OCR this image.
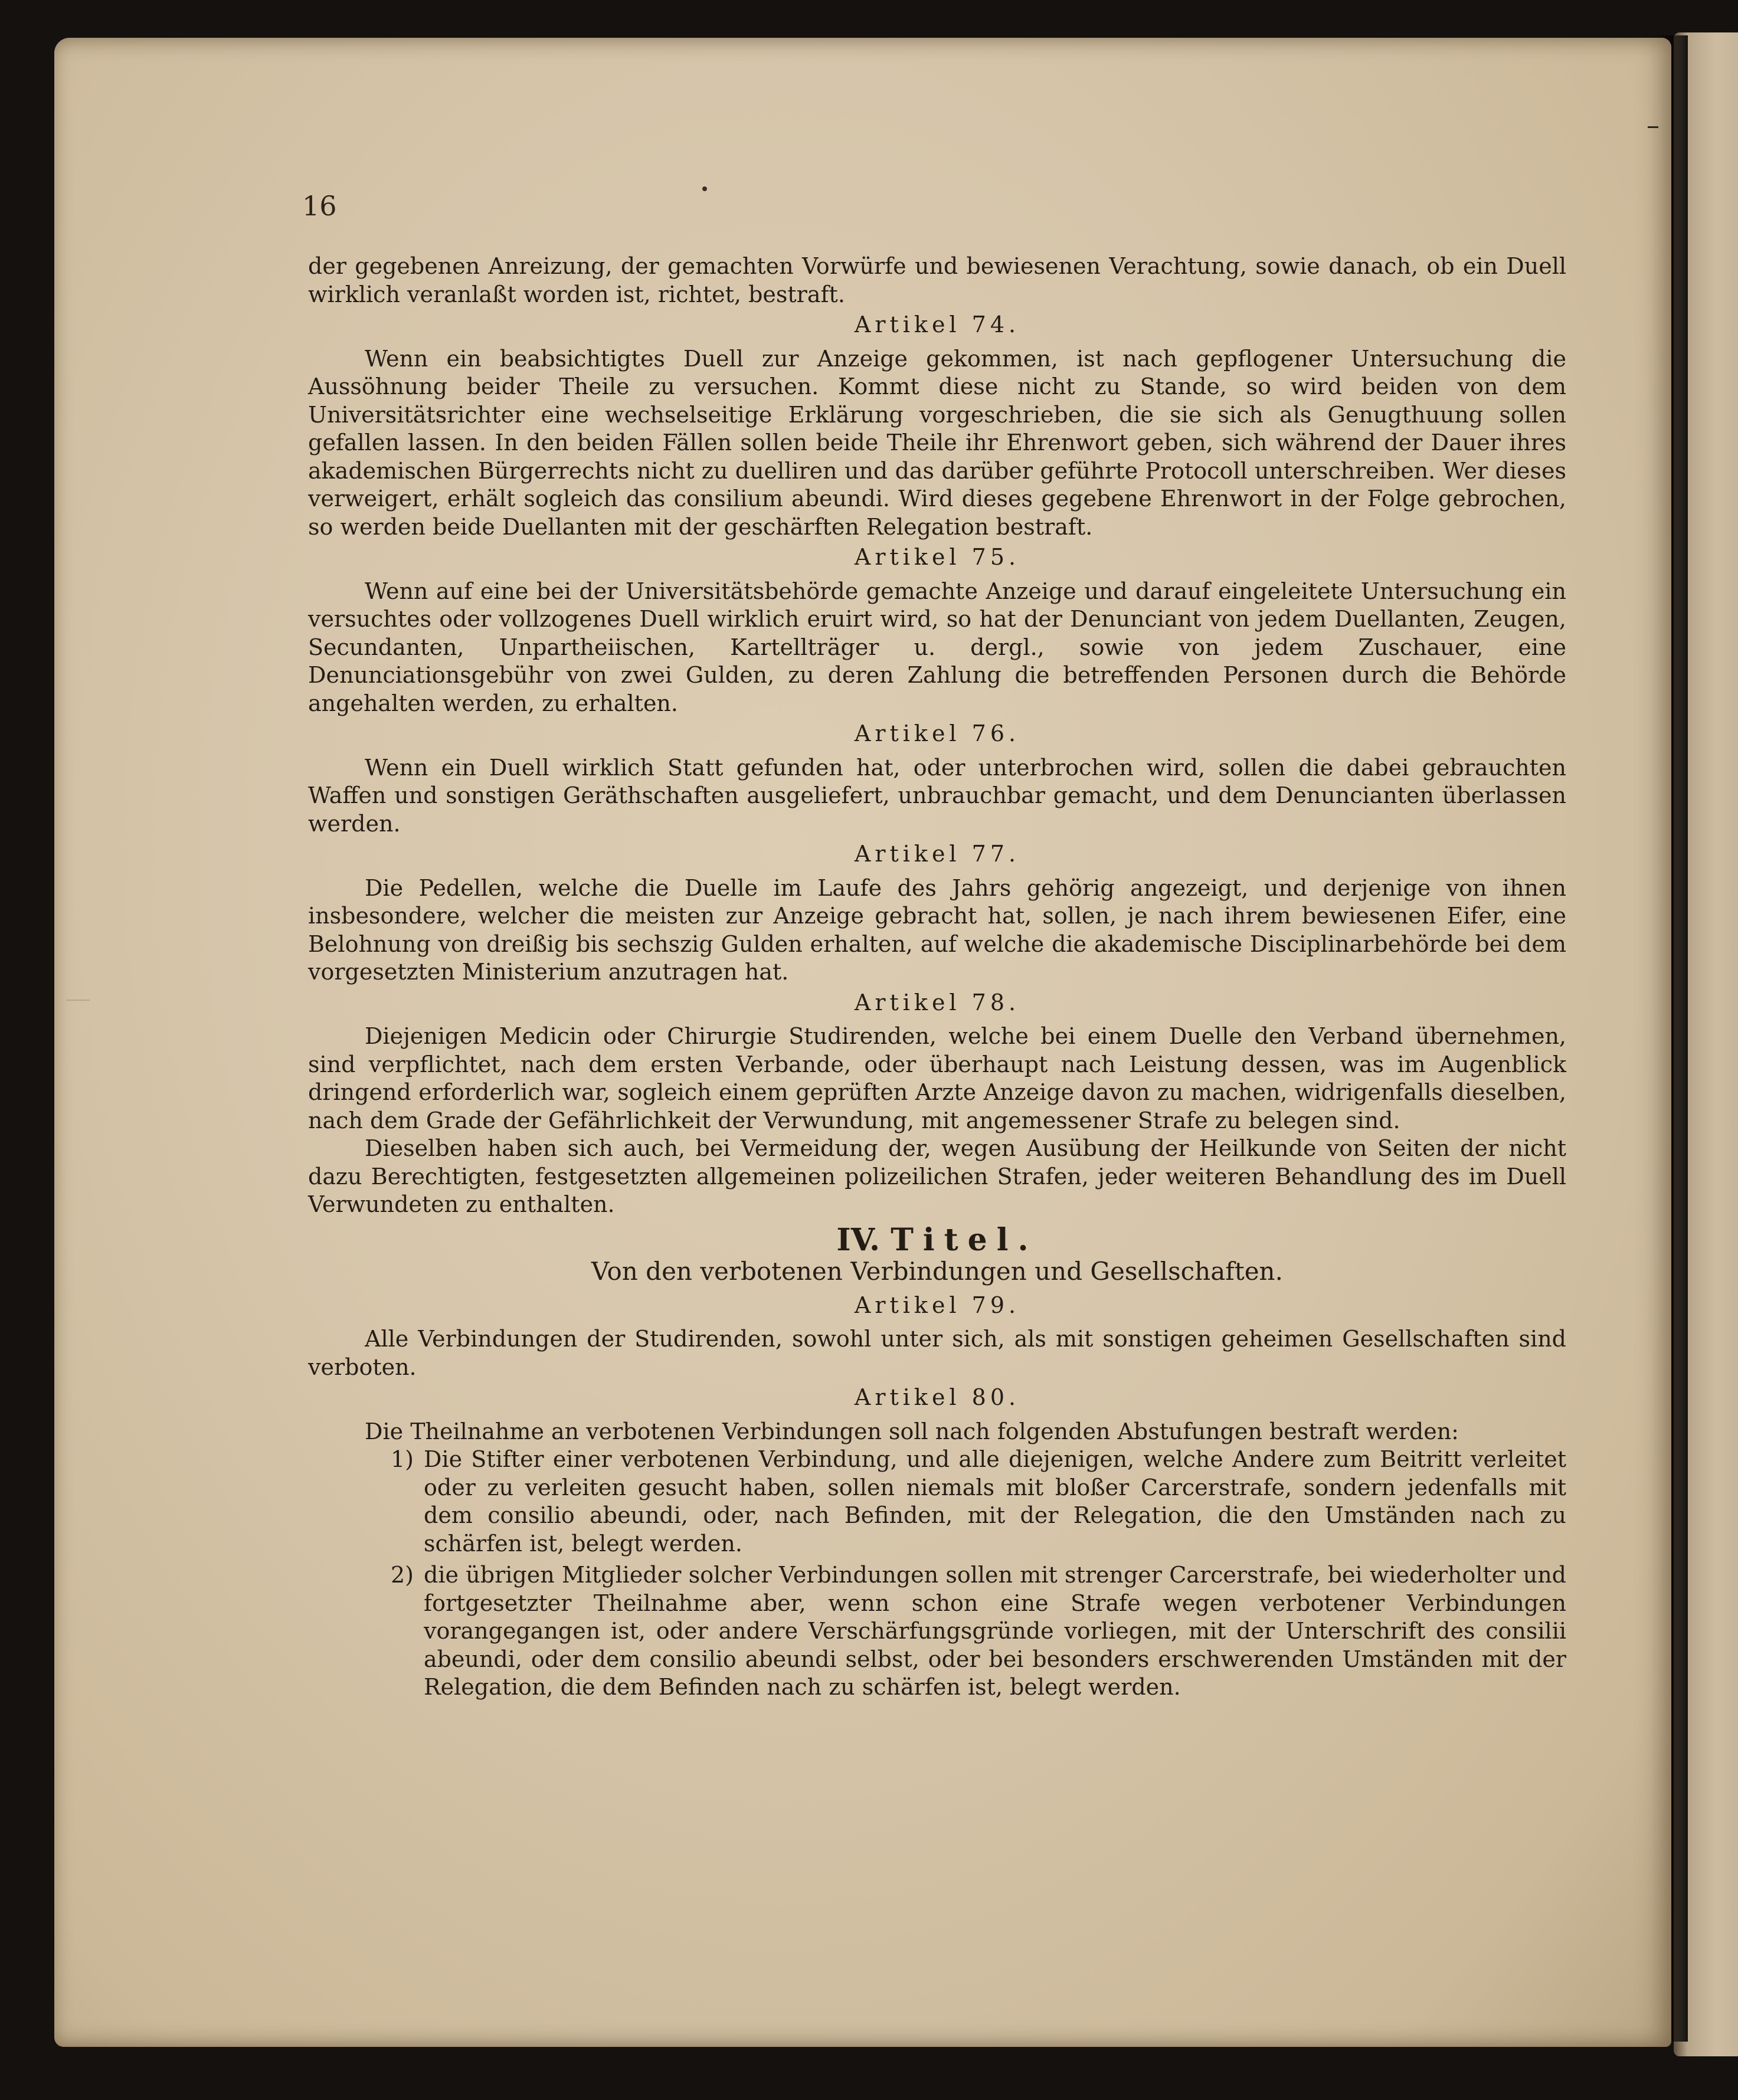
16

der gegebenen Anreizung, der gemachten Vorwürfe und bewiesenen Verachtung, sowie danach, ob ein Duell wirklich veranlaßt worden ist, richtet, bestraft.

Artikel 74.

Wenn ein beabsichtigtes Duell zur Anzeige gekommen, ist nach gepflogener Untersuchung die Aussöhnung beider Theile zu versuchen. Kommt diese nicht zu Stande, so wird beiden von dem Universitätsrichter eine wechselseitige Erklärung vorgeschrieben, die sie sich als Genugthuung sollen gefallen lassen. In den beiden Fällen sollen beide Theile ihr Ehrenwort geben, sich während der Dauer ihres akademischen Bürgerrechts nicht zu duelliren und das darüber geführte Protocoll unterschreiben. Wer dieses verweigert, erhält sogleich das consilium abeundi. Wird dieses gegebene Ehrenwort in der Folge gebrochen, so werden beide Duellanten mit der geschärften Relegation bestraft.

Artikel 75.

Wenn auf eine bei der Universitätsbehörde gemachte Anzeige und darauf eingeleitete Untersuchung ein versuchtes oder vollzogenes Duell wirklich eruirt wird, so hat der Denunciant von jedem Duellanten, Zeugen, Secundanten, Unpartheiischen, Kartellträger u. dergl., sowie von jedem Zuschauer, eine Denunciationsgebühr von zwei Gulden, zu deren Zahlung die betreffenden Personen durch die Behörde angehalten werden, zu erhalten.

Artikel 76.

Wenn ein Duell wirklich Statt gefunden hat, oder unterbrochen wird, sollen die dabei gebrauchten Waffen und sonstigen Geräthschaften ausgeliefert, unbrauchbar gemacht, und dem Denuncianten überlassen werden.

Artikel 77.

Die Pedellen, welche die Duelle im Laufe des Jahrs gehörig angezeigt, und derjenige von ihnen insbesondere, welcher die meisten zur Anzeige gebracht hat, sollen, je nach ihrem bewiesenen Eifer, eine Belohnung von dreißig bis sechszig Gulden erhalten, auf welche die akademische Disciplinarbehörde bei dem vorgesetzten Ministerium anzutragen hat.

Artikel 78.

Diejenigen Medicin oder Chirurgie Studirenden, welche bei einem Duelle den Verband übernehmen, sind verpflichtet, nach dem ersten Verbande, oder überhaupt nach Leistung dessen, was im Augenblick dringend erforderlich war, sogleich einem geprüften Arzte Anzeige davon zu machen, widrigenfalls dieselben, nach dem Grade der Gefährlichkeit der Verwundung, mit angemessener Strafe zu belegen sind.

Dieselben haben sich auch, bei Vermeidung der, wegen Ausübung der Heilkunde von Seiten der nicht dazu Berechtigten, festgesetzten allgemeinen polizeilichen Strafen, jeder weiteren Behandlung des im Duell Verwundeten zu enthalten.

IV. Titel.
Von den verbotenen Verbindungen und Gesellschaften.
Artikel 79.

Alle Verbindungen der Studirenden, sowohl unter sich, als mit sonstigen geheimen Gesellschaften sind verboten.

Artikel 80.

Die Theilnahme an verbotenen Verbindungen soll nach folgenden Abstufungen bestraft werden:

1) Die Stifter einer verbotenen Verbindung, und alle diejenigen, welche Andere zum Beitritt verleitet oder zu verleiten gesucht haben, sollen niemals mit bloßer Carcerstrafe, sondern jedenfalls mit dem consilio abeundi, oder, nach Befinden, mit der Relegation, die den Umständen nach zu schärfen ist, belegt werden.
2) die übrigen Mitglieder solcher Verbindungen sollen mit strenger Carcerstrafe, bei wiederholter und fortgesetzter Theilnahme aber, wenn schon eine Strafe wegen verbotener Verbindungen vorangegangen ist, oder andere Verschärfungsgründe vorliegen, mit der Unterschrift des consilii abeundi, oder dem consilio abeundi selbst, oder bei besonders erschwerenden Umständen mit der Relegation, die dem Befinden nach zu schärfen ist, belegt werden.
